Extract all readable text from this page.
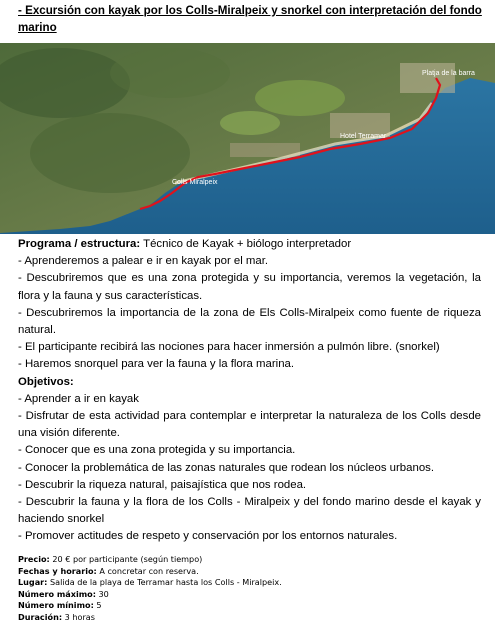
- Excursión con kayak por los Colls-Miralpeix y snorkel con interpretación del fondo marino
Platja de la barra
Hotel Terramar
Colls Miralpeix

Programa / estructura: Técnico de Kayak + biólogo interpretador

- Aprenderemos a palear e ir en kayak por el mar.

- Descubriremos que es una zona protegida y su importancia, veremos la vegetación, la flora y la fauna y sus características.

- Descubriremos la importancia de la zona de Els Colls-Miralpeix como fuente de riqueza natural.

- El participante recibirá las nociones para hacer inmersión a pulmón libre. (snorkel)

- Haremos snorquel para ver la fauna y la flora marina.

Objetivos:

- Aprender a ir en kayak

- Disfrutar de esta actividad para contemplar e interpretar la naturaleza de los Colls desde una visión diferente.

- Conocer que es una zona protegida y su importancia.

- Conocer la problemática de las zonas naturales que rodean los núcleos urbanos.

- Descubrir la riqueza natural, paisajística que nos rodea.

- Descubrir la fauna y la flora de los Colls - Miralpeix y del fondo marino desde el kayak y haciendo snorkel

- Promover actitudes de respeto y conservación por los entornos naturales.

Precio: 20 € por participante (según tiempo)

Fechas y horario: A concretar con reserva.

Lugar: Salida de la playa de Terramar hasta los Colls - Miralpeix.

Número máximo: 30

Número mínimo: 5

Duración: 3 horas
